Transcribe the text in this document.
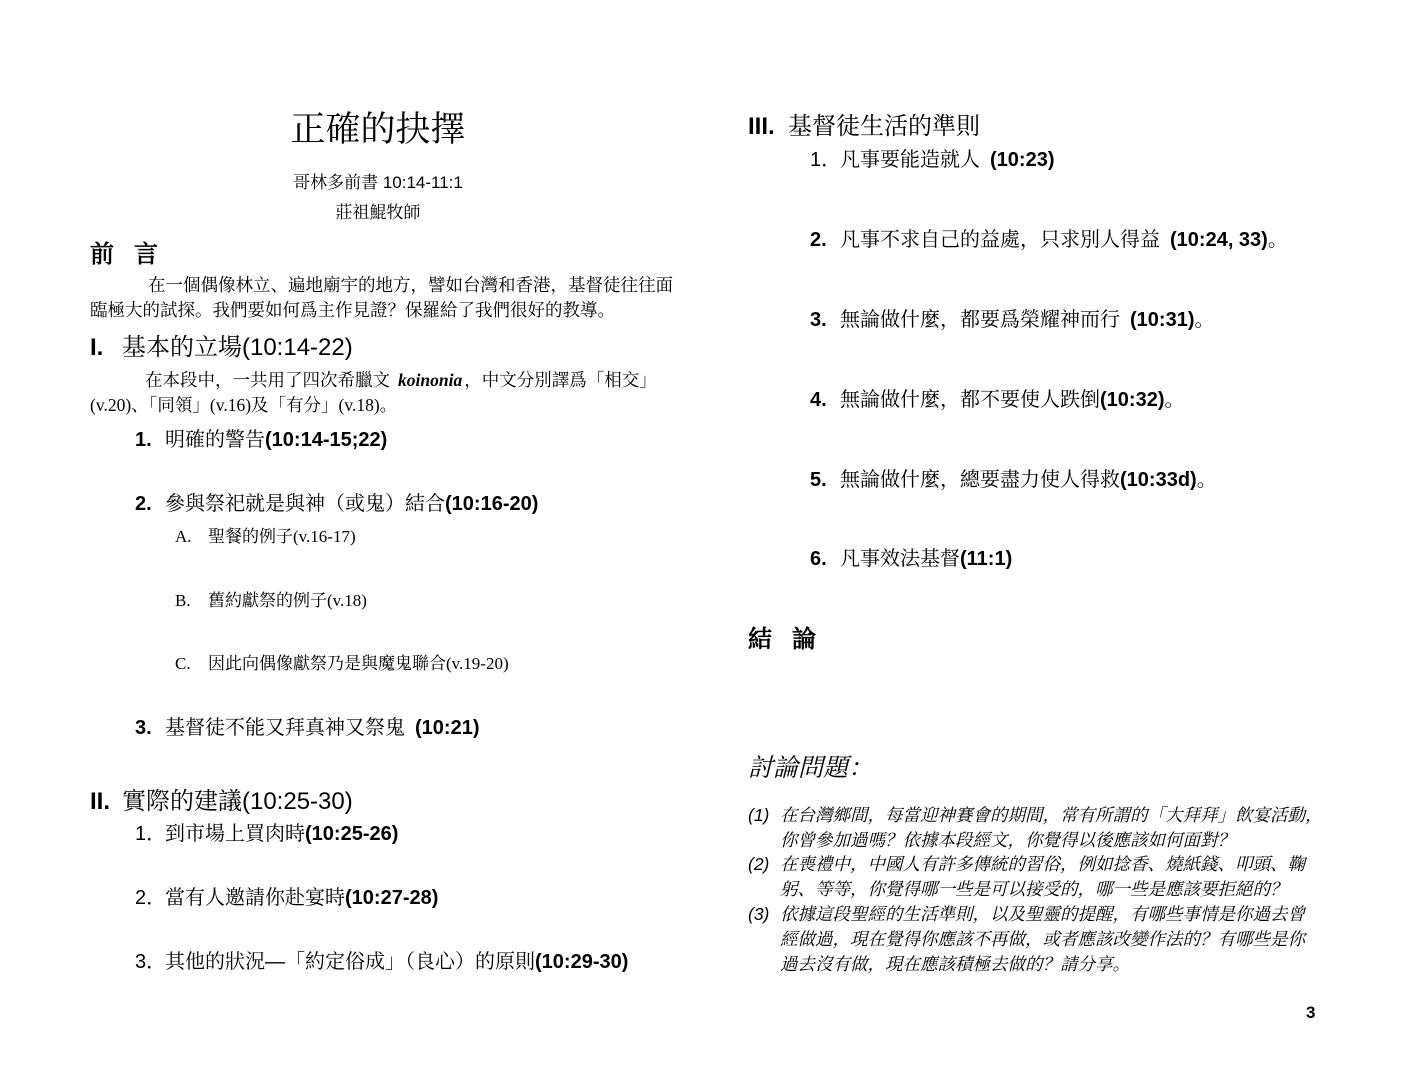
正確的抉擇
哥林多前書 10:14-11:1
莊祖鯤牧師
前 言
在一個偶像林立、遍地廟宇的地方，譬如台灣和香港，基督徒往往面
臨極大的試探。我們要如何爲主作見證？保羅給了我們很好的教導。
I. 基本的立場(10:14-22)
在本段中，一共用了四次希臘文 koinonia ，中文分別譯爲「相交」
(v.20)、「同領」(v.16)及「有分」(v.18)。
1. 明確的警告(10:14-15;22)
2. 參與祭祀就是與神（或鬼）結合(10:16-20)
A. 聖餐的例子(v.16-17)
B. 舊約獻祭的例子(v.18)
C. 因此向偶像獻祭乃是與魔鬼聯合(v.19-20)
3. 基督徒不能又拜真神又祭鬼 (10:21)
II. 實際的建議(10:25-30)
1．到市場上買肉時(10:25-26)
2．當有人邀請你赴宴時(10:27-28)
3．其他的狀況—「約定俗成」（良心）的原則(10:29-30)
III. 基督徒生活的準則
1．凡事要能造就人 (10:23)
2. 凡事不求自己的益處，只求別人得益 (10:24, 33)。
3. 無論做什麼，都要爲榮耀神而行 (10:31)。
4. 無論做什麼，都不要使人跌倒(10:32)。
5. 無論做什麼，總要盡力使人得救(10:33d)。
6. 凡事效法基督(11:1)
結 論
討論問題：
(1) 在台灣鄉間，每當迎神賽會的期間，常有所謂的「大拜拜」飲宴活動，
你曾參加過嗎？依據本段經文，你覺得以後應該如何面對？
(2) 在喪禮中，中國人有許多傳統的習俗，例如捻香、燒紙錢、叩頭、鞠
躬、等等，你覺得哪一些是可以接受的，哪一些是應該要拒絕的？
(3) 依據這段聖經的生活準則，以及聖靈的提醒，有哪些事情是你過去曾
經做過，現在覺得你應該不再做，或者應該改變作法的？有哪些是你
過去沒有做，現在應該積極去做的？請分享。
3
